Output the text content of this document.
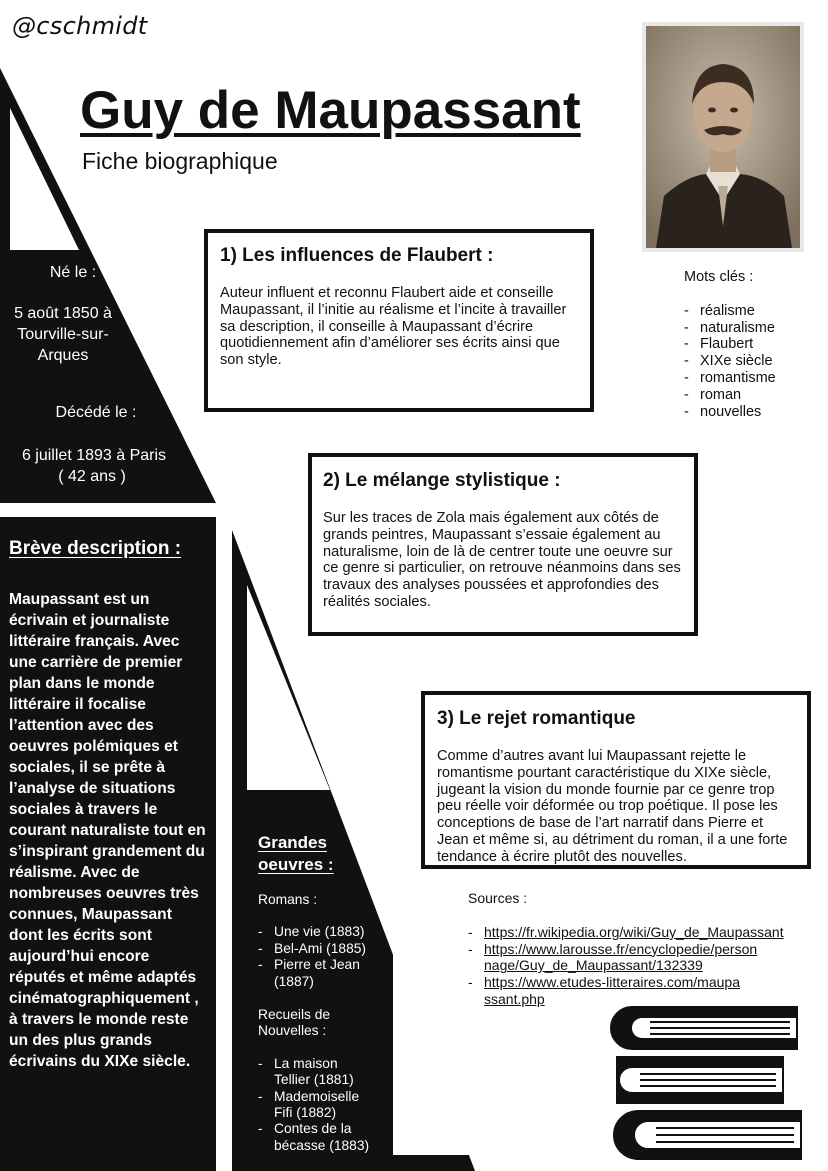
@cschmidt
Guy de Maupassant
Fiche biographique
Né le :
5 août 1850 à Tourville-sur-Arques
Décédé le :
6 juillet 1893 à Paris
( 42 ans )
1) Les influences de Flaubert :

Auteur influent et reconnu Flaubert aide et conseille Maupassant, il l’initie au réalisme et l’incite à travailler sa description, il conseille à Maupassant d’écrire quotidiennement afin d’améliorer ses écrits ainsi que son style.

2) Le mélange stylistique :

Sur les traces de Zola mais également aux côtés de grands peintres, Maupassant s’essaie également au naturalisme, loin de là de centrer toute une oeuvre sur ce genre si particulier, on retrouve néanmoins dans ses travaux des analyses poussées et approfondies des réalités sociales.

3) Le rejet romantique

Comme d’autres avant lui Maupassant rejette le romantisme pourtant caractéristique du XIXe siècle, jugeant la vision du monde fournie par ce genre trop peu réelle voir déformée ou trop poétique. Il pose les conceptions de base de l’art narratif dans Pierre et Jean et même si, au détriment du roman, il a une forte tendance à écrire plutôt des nouvelles.

Mots clés :
- réalisme
- naturalisme
- Flaubert
- XIXe siècle
- romantisme
- roman
- nouvelles
Brève description :
Maupassant est un écrivain et journaliste littéraire français. Avec une carrière de premier plan dans le monde littéraire il focalise l’attention avec des oeuvres polémiques et sociales, il se prête à l’analyse de situations sociales à travers le courant naturaliste tout en s’inspirant grandement du réalisme. Avec de nombreuses oeuvres très connues, Maupassant dont les écrits sont aujourd’hui encore réputés et même adaptés cinématographiquement , à travers le monde reste un des plus grands écrivains du XIXe siècle.
Grandes oeuvres :
Romans :
- Une vie (1883)
- Bel-Ami (1885)
- Pierre et Jean (1887)
Recueils de Nouvelles :
- La maison Tellier (1881)
- Mademoiselle Fifi (1882)
- Contes de la bécasse (1883)
Sources :
- https://fr.wikipedia.org/wiki/Guy_de_Maupassant
- https://www.larousse.fr/encyclopedie/personnage/Guy_de_Maupassant/132339
- https://www.etudes-litteraires.com/maupassant.php
